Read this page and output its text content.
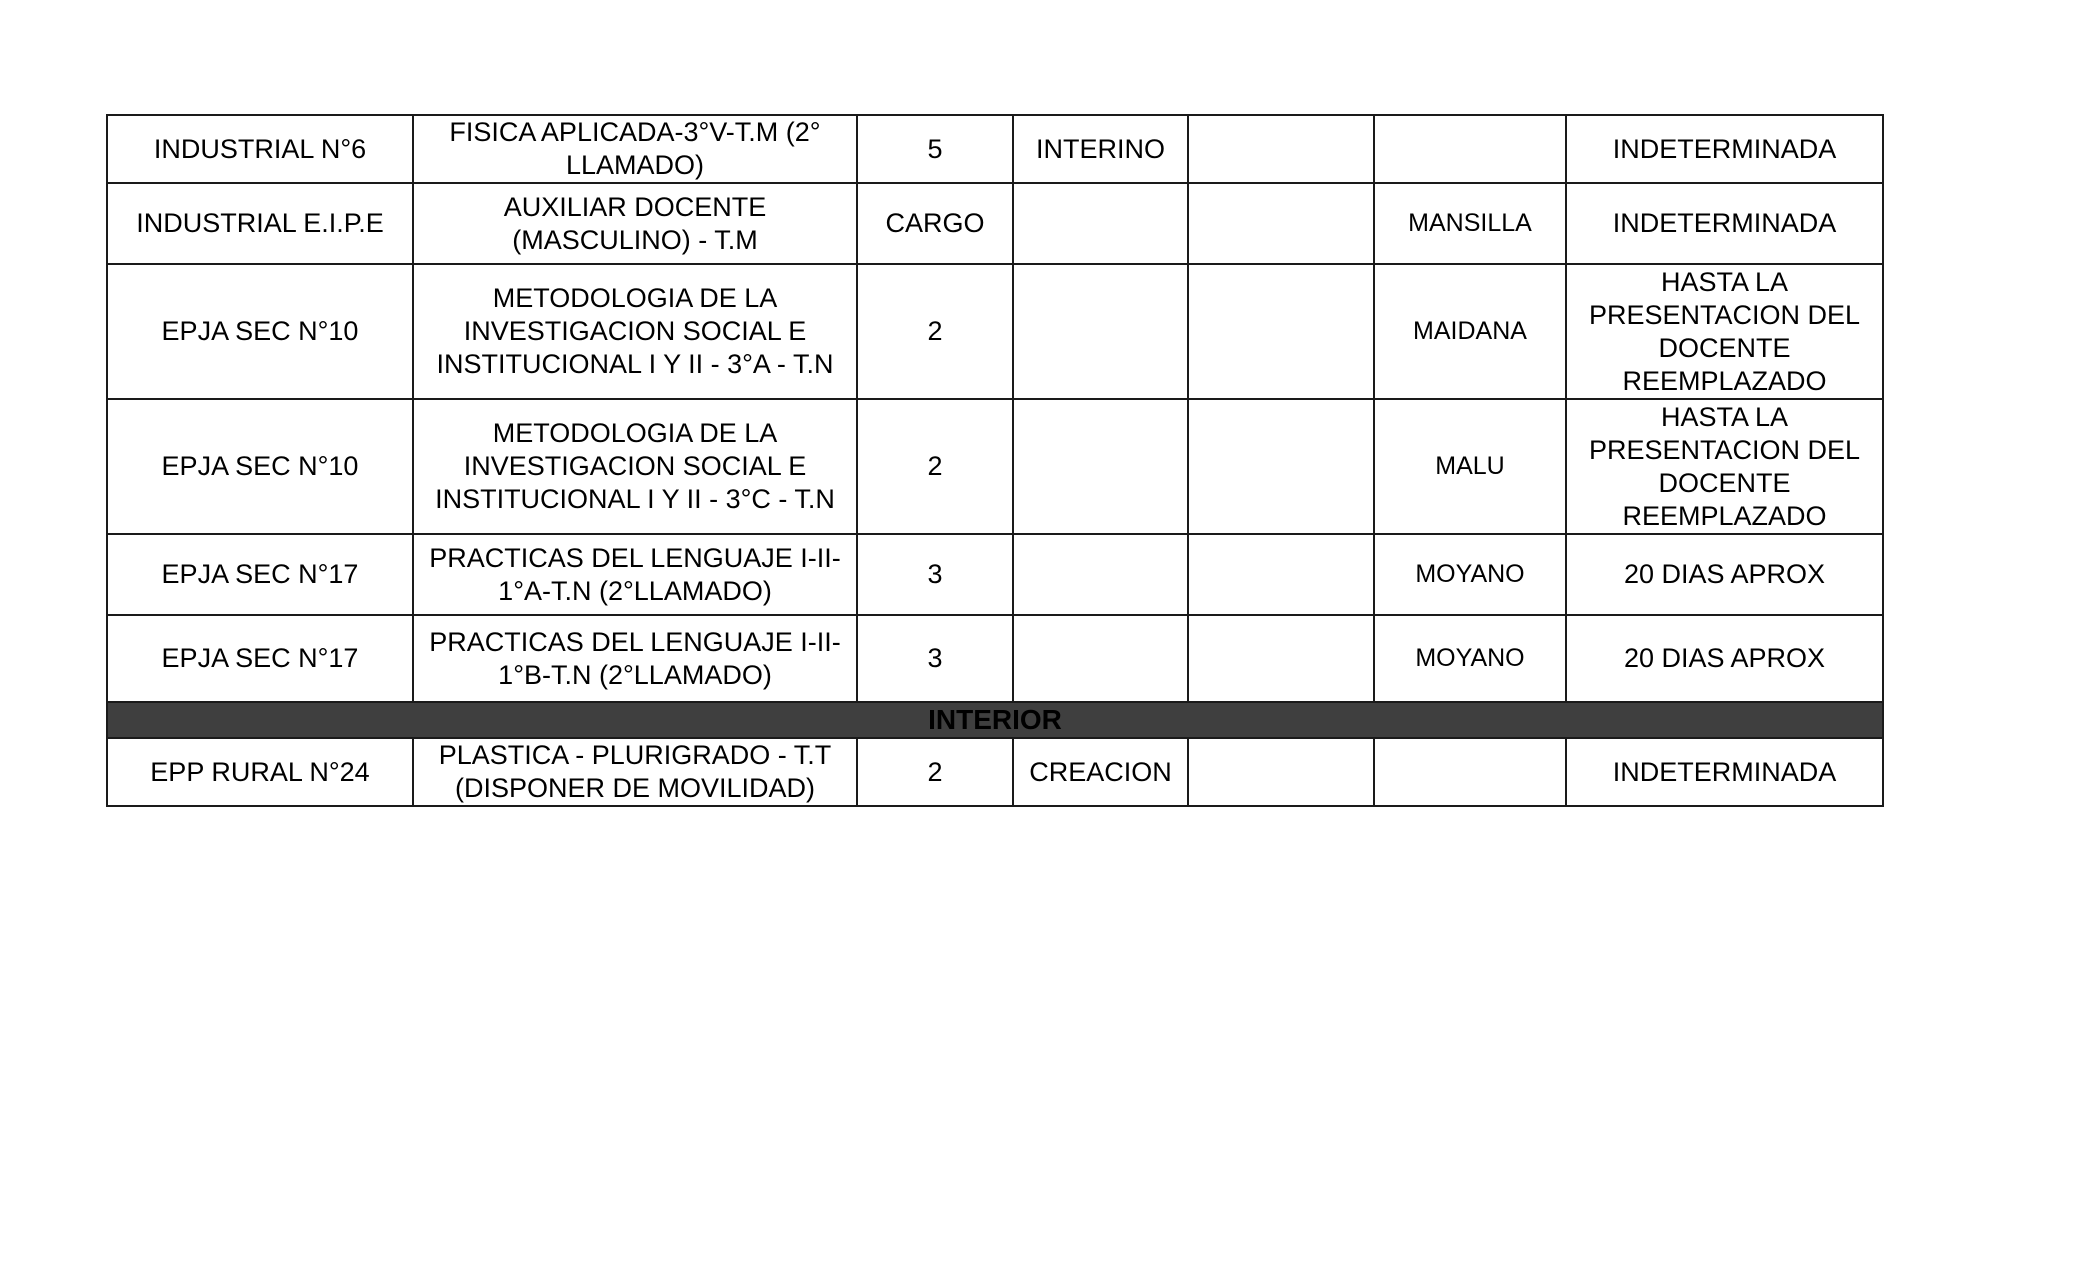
INDUSTRIAL N°6	FISICA APLICADA-3°V-T.M (2° LLAMADO)	5	INTERINO			INDETERMINADA

INDUSTRIAL E.I.P.E	AUXILIAR DOCENTE (MASCULINO) - T.M	CARGO			MANSILLA	INDETERMINADA

EPJA SEC N°10	METODOLOGIA DE LA INVESTIGACION SOCIAL E INSTITUCIONAL I Y II - 3°A - T.N	2			MAIDANA	HASTA LA PRESENTACION DEL DOCENTE REEMPLAZADO

EPJA SEC N°10	METODOLOGIA DE LA INVESTIGACION SOCIAL E INSTITUCIONAL I Y II - 3°C - T.N	2			MALU	HASTA LA PRESENTACION DEL DOCENTE REEMPLAZADO

EPJA SEC N°17	PRACTICAS DEL LENGUAJE I-II-1°A-T.N (2°LLAMADO)	3			MOYANO	20 DIAS APROX

EPJA SEC N°17	PRACTICAS DEL LENGUAJE I-II-1°B-T.N (2°LLAMADO)	3			MOYANO	20 DIAS APROX

INTERIOR						

EPP RURAL N°24	PLASTICA - PLURIGRADO - T.T (DISPONER DE MOVILIDAD)	2	CREACION			INDETERMINADA
